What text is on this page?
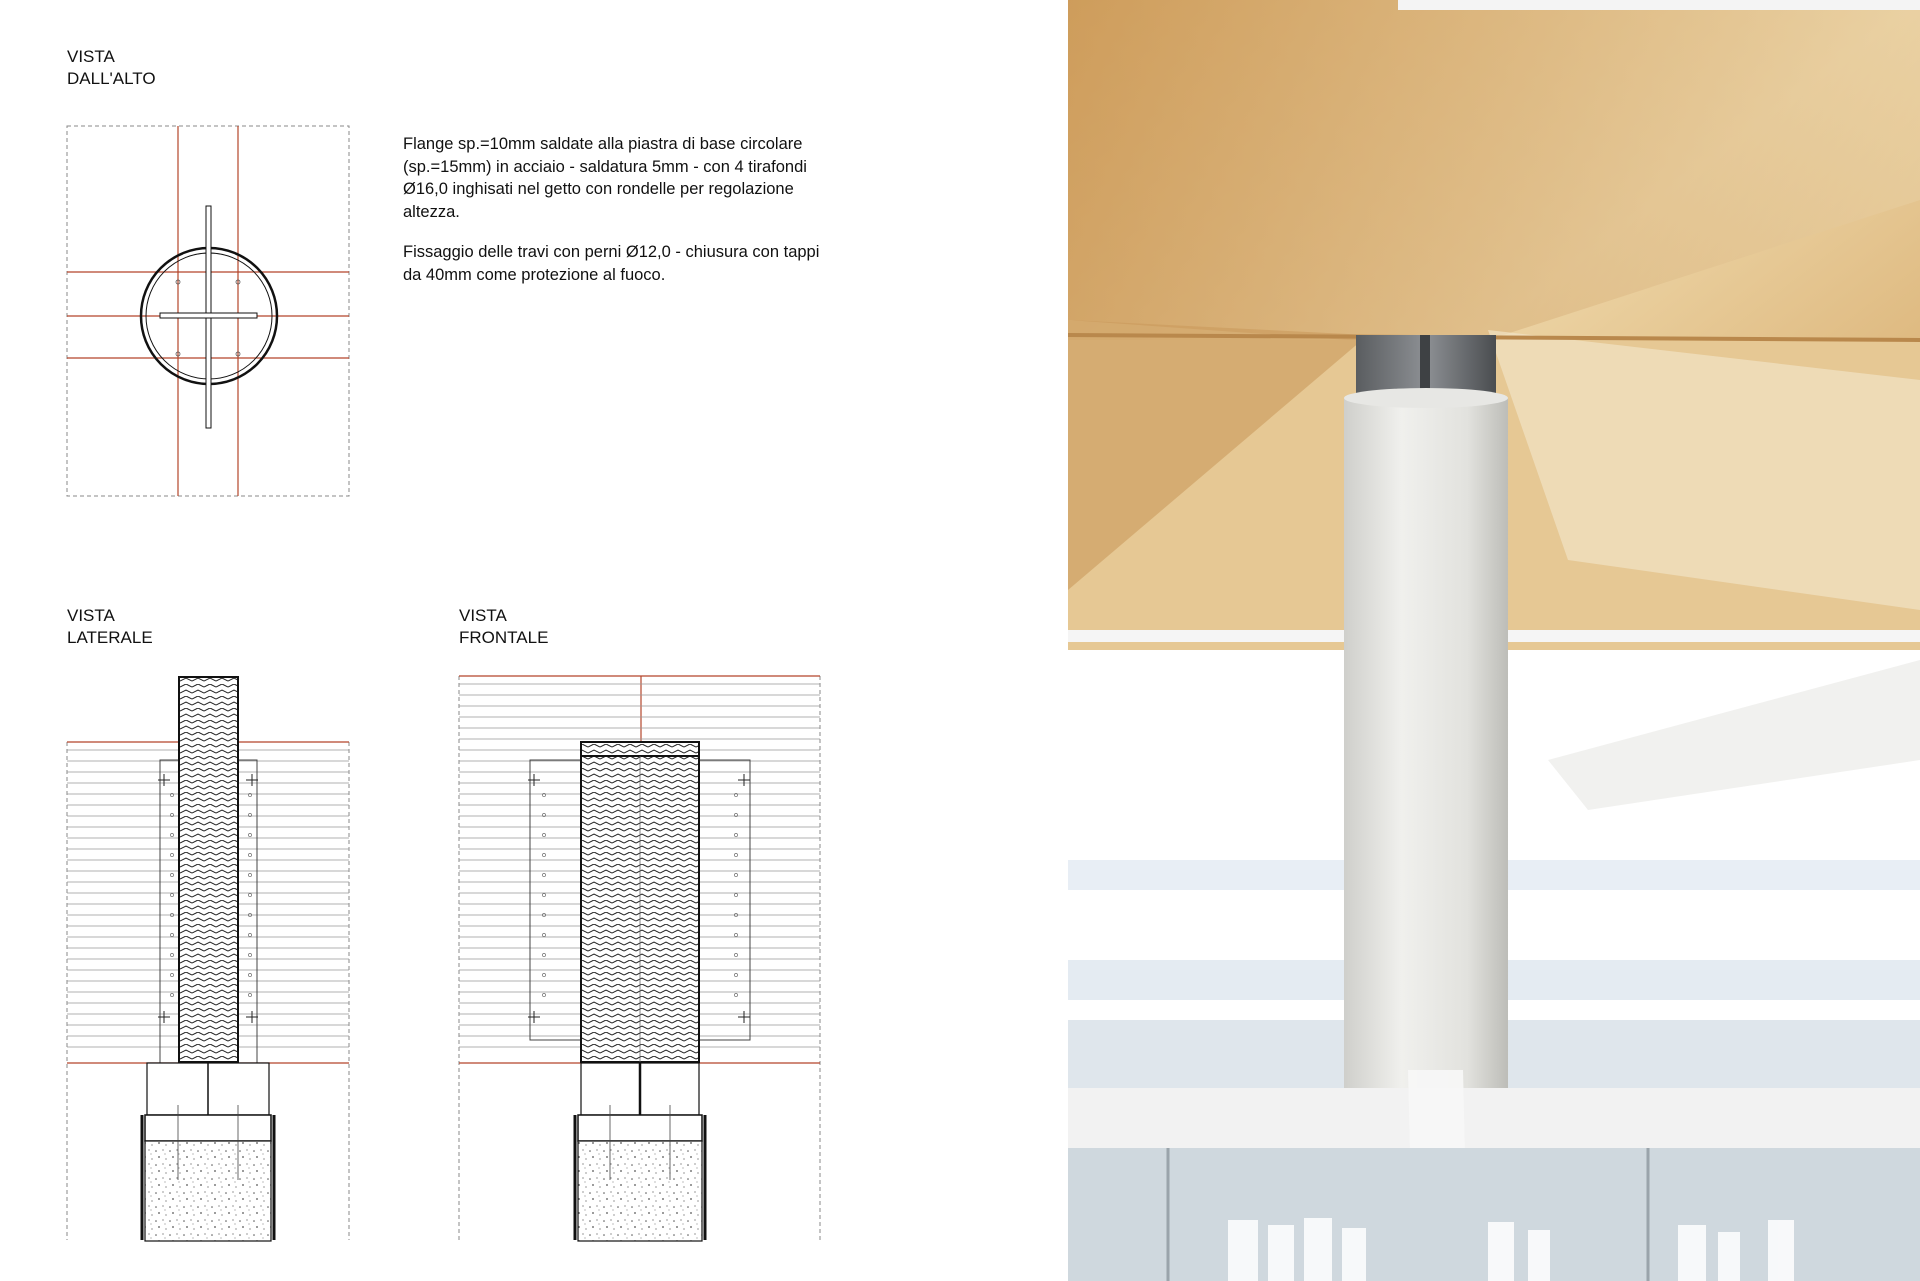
VISTA
DALL'ALTO
VISTA
LATERALE
VISTA
FRONTALE

Flange sp.=10mm saldate alla piastra di base circolare (sp.=15mm) in acciaio - saldatura 5mm - con 4 tirafondi Ø16,0 inghisati nel getto con rondelle per regolazione altezza.

Fissaggio delle travi con perni Ø12,0 - chiusura con tappi da 40mm come protezione al fuoco.
